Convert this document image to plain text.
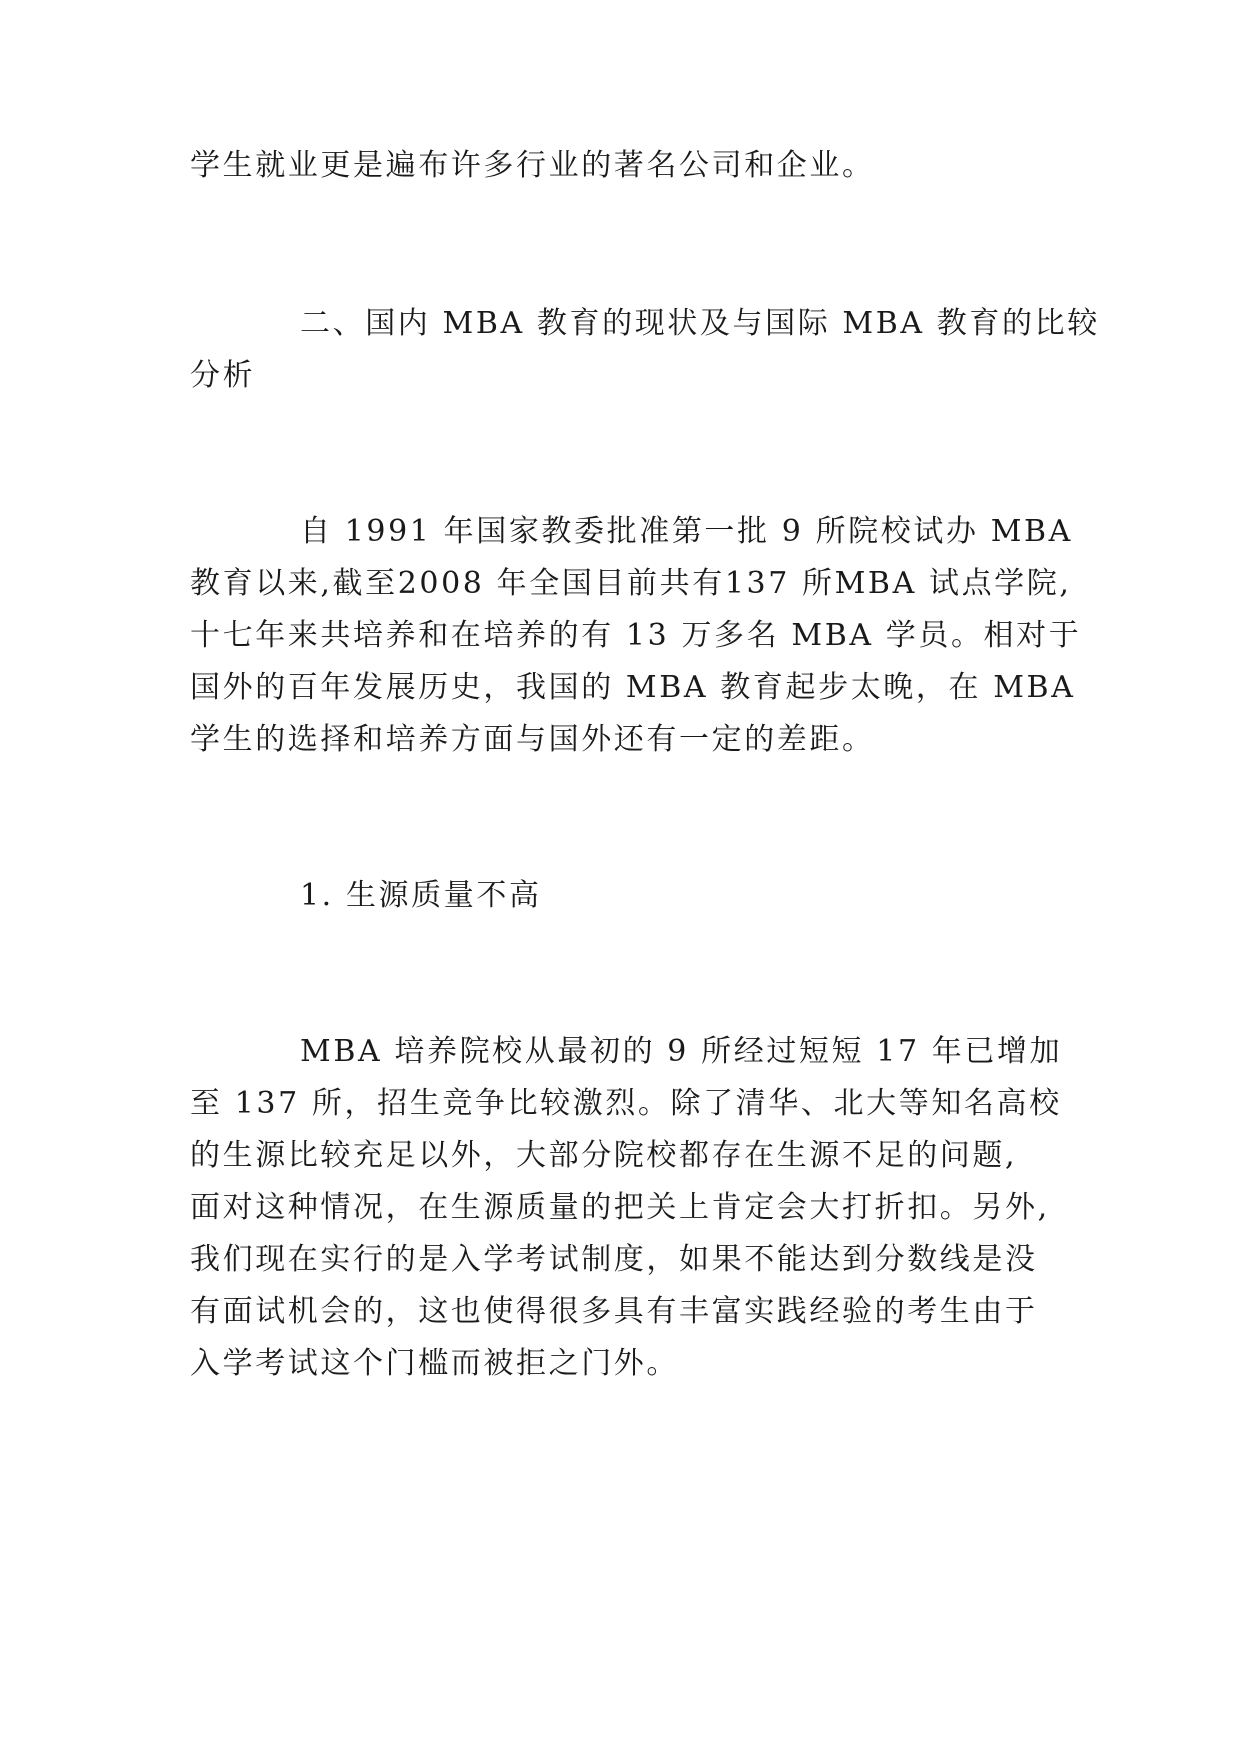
学生就业更是遍布许多行业的著名公司和企业。
二、国内 MBA 教育的现状及与国际 MBA 教育的比较
分析
自 1991 年国家教委批准第一批 9 所院校试办 MBA
教育以来,截至2008 年全国目前共有137 所MBA 试点学院,
十七年来共培养和在培养的有 13 万多名 MBA 学员。相对于
国外的百年发展历史，我国的 MBA 教育起步太晚，在 MBA
学生的选择和培养方面与国外还有一定的差距。
1. 生源质量不高
MBA 培养院校从最初的 9 所经过短短 17 年已增加
至 137 所，招生竞争比较激烈。除了清华、北大等知名高校
的生源比较充足以外，大部分院校都存在生源不足的问题,
面对这种情况，在生源质量的把关上肯定会大打折扣。另外,
我们现在实行的是入学考试制度，如果不能达到分数线是没
有面试机会的，这也使得很多具有丰富实践经验的考生由于
入学考试这个门槛而被拒之门外。
